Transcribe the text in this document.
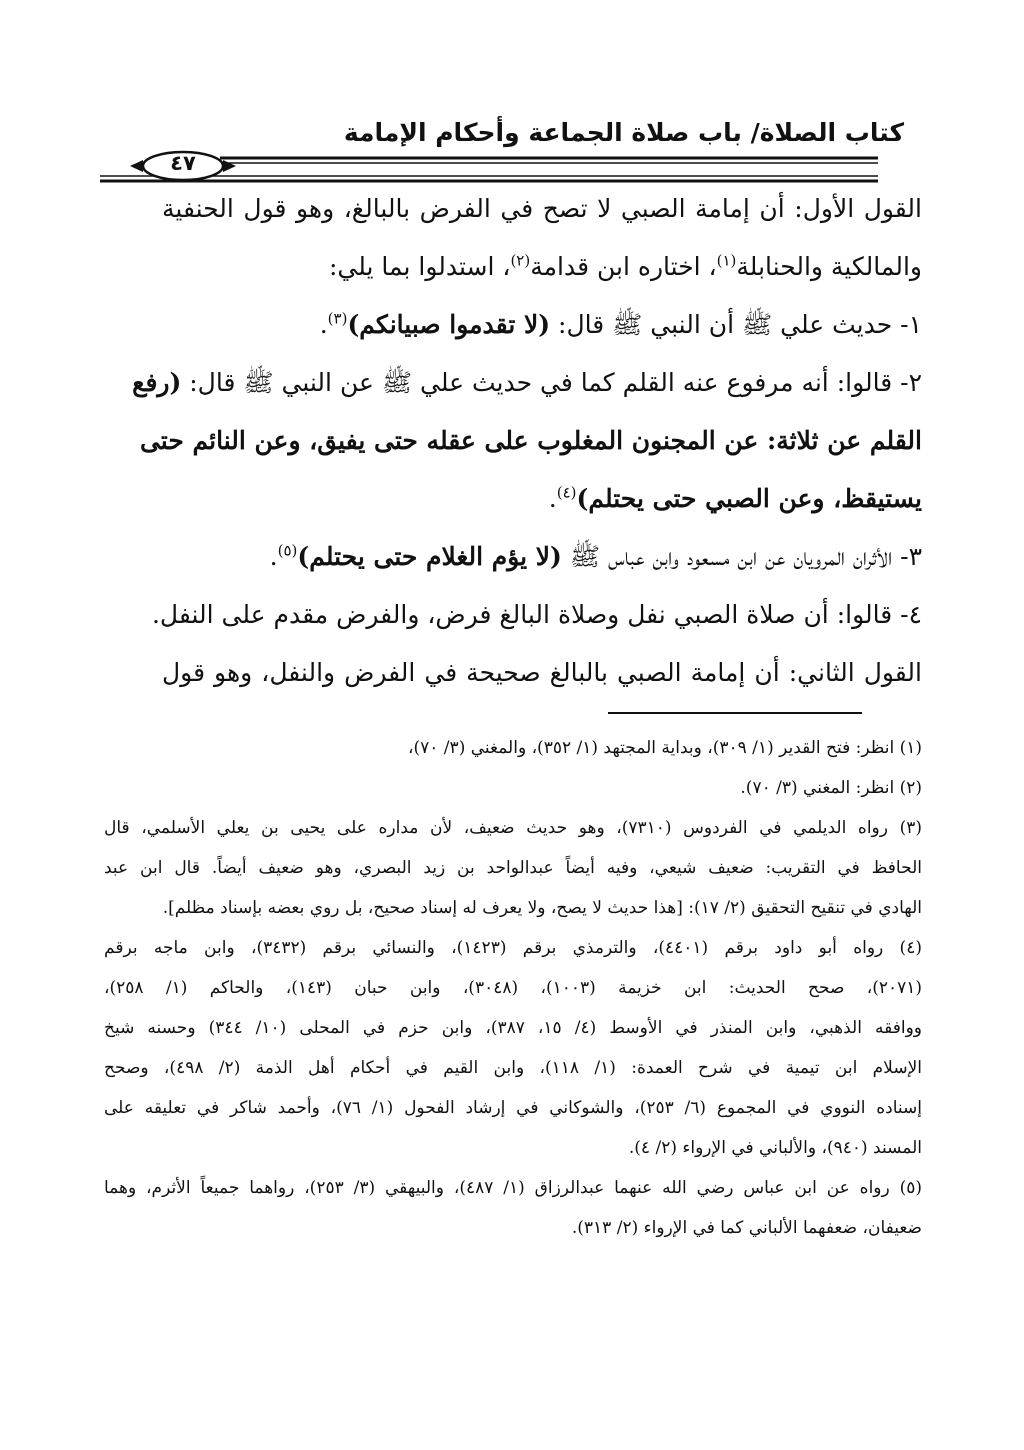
كتاب الصلاة/ باب صلاة الجماعة وأحكام الإمامة
٤٧
القول الأول: أن إمامة الصبي لا تصح في الفرض بالبالغ، وهو قول الحنفية
والمالكية والحنابلة$^{(١)}$، اختاره ابن قدامة$^{(٢)}$، استدلوا بما يلي:
١- حديث علي ﷺ أن النبي ﷺ قال: (لا تقدموا صبيانكم)$^{(٣)}$.
٢- قالوا: أنه مرفوع عنه القلم كما في حديث علي ﷺ عن النبي ﷺ قال: (رفع
القلم عن ثلاثة: عن المجنون المغلوب على عقله حتى يفيق، وعن النائم حتى
يستيقظ، وعن الصبي حتى يحتلم)$^{(٤)}$.
٣- الأثران المرويان عن ابن مسعود وابن عباس ﷺ (لا يؤم الغلام حتى يحتلم)$^{(٥)}$.
٤- قالوا: أن صلاة الصبي نفل وصلاة البالغ فرض، والفرض مقدم على النفل.
القول الثاني: أن إمامة الصبي بالبالغ صحيحة في الفرض والنفل، وهو قول
(١) انظر: فتح القدير (١/ ٣٠٩)، وبداية المجتهد (١/ ٣٥٢)، والمغني (٣/ ٧٠)،
(٢) انظر: المغني (٣/ ٧٠).
(٣) رواه الديلمي في الفردوس (٧٣١٠)، وهو حديث ضعيف، لأن مداره على يحيى بن يعلي الأسلمي، قال
الحافظ في التقريب: ضعيف شيعي، وفيه أيضاً عبدالواحد بن زيد البصري، وهو ضعيف أيضاً. قال ابن عبد
الهادي في تنقيح التحقيق (٢/ ١٧): [هذا حديث لا يصح، ولا يعرف له إسناد صحيح، بل روي بعضه بإسناد مظلم].
(٤) رواه أبو داود برقم (٤٤٠١)، والترمذي برقم (١٤٢٣)، والنسائي برقم (٣٤٣٢)، وابن ماجه برقم
(٢٠٧١)، صحح الحديث: ابن خزيمة (١٠٠٣)، (٣٠٤٨)، وابن حبان (١٤٣)، والحاكم (١/ ٢٥٨)،
ووافقه الذهبي، وابن المنذر في الأوسط (٤/ ١٥، ٣٨٧)، وابن حزم في المحلى (١٠/ ٣٤٤) وحسنه شيخ
الإسلام ابن تيمية في شرح العمدة: (١/ ١١٨)، وابن القيم في أحكام أهل الذمة (٢/ ٤٩٨)، وصحح
إسناده النووي في المجموع (٦/ ٢٥٣)، والشوكاني في إرشاد الفحول (١/ ٧٦)، وأحمد شاكر في تعليقه على
المسند (٩٤٠)، والألباني في الإرواء (٢/ ٤).
(٥) رواه عن ابن عباس رضي الله عنهما عبدالرزاق (١/ ٤٨٧)، والبيهقي (٣/ ٢٥٣)، رواهما جميعاً الأثرم، وهما
ضعيفان، ضعفهما الألباني كما في الإرواء (٢/ ٣١٣).
